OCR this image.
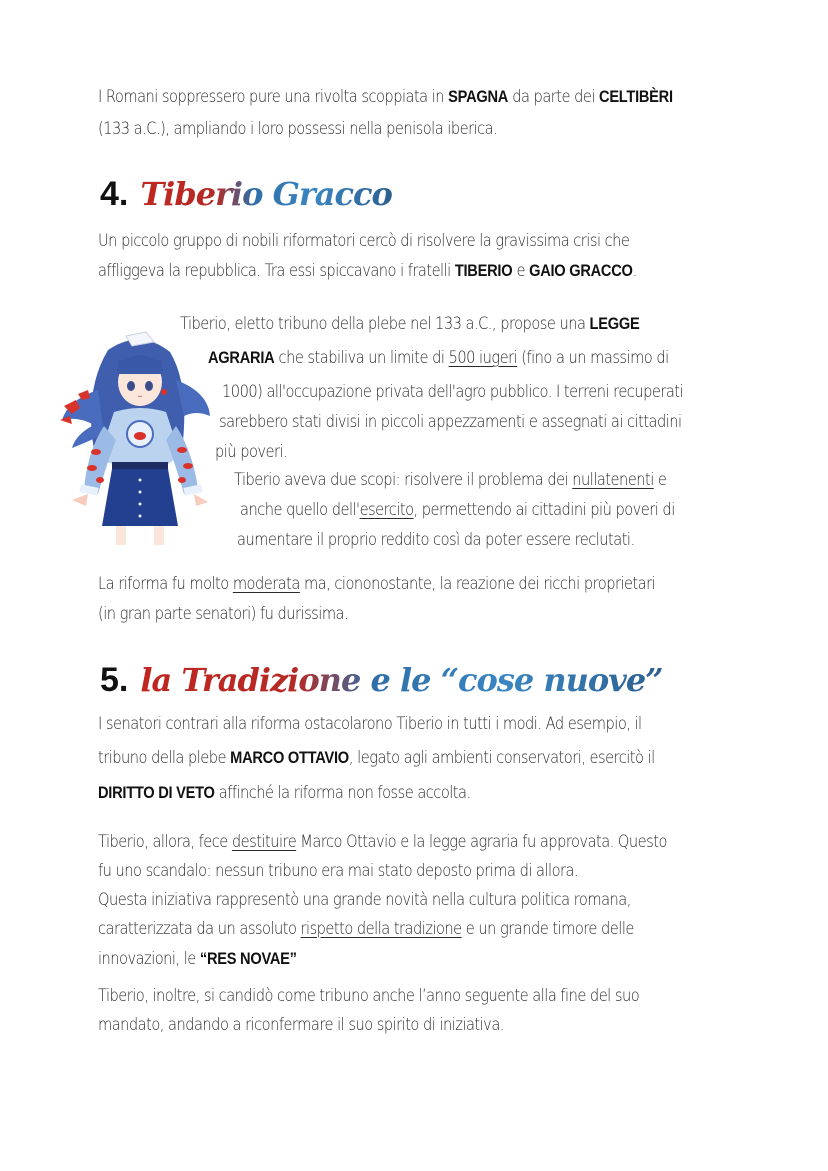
I Romani soppressero pure una rivolta scoppiata in SPAGNA da parte dei CELTIBÈRI
(133 a.C.), ampliando i loro possessi nella penisola iberica.
4. Tiberio Gracco
Un piccolo gruppo di nobili riformatori cercò di risolvere la gravissima crisi che
affliggeva la repubblica. Tra essi spiccavano i fratelli TIBERIO e GAIO GRACCO.
Tiberio, eletto tribuno della plebe nel 133 a.C., propose una LEGGE
AGRARIA che stabiliva un limite di 500 iugeri (fino a un massimo di
1000) all'occupazione privata dell'agro pubblico. I terreni recuperati
sarebbero stati divisi in piccoli appezzamenti e assegnati ai cittadini
più poveri.
Tiberio aveva due scopi: risolvere il problema dei nullatenenti e
anche quello dell'esercito, permettendo ai cittadini più poveri di
aumentare il proprio reddito così da poter essere reclutati.
La riforma fu molto moderata ma, ciononostante, la reazione dei ricchi proprietari
(in gran parte senatori) fu durissima.
5. la Tradizione e le “cose nuove”
I senatori contrari alla riforma ostacolarono Tiberio in tutti i modi. Ad esempio, il
tribuno della plebe MARCO OTTAVIO, legato agli ambienti conservatori, esercitò il
DIRITTO DI VETO affinché la riforma non fosse accolta.
Tiberio, allora, fece destituire Marco Ottavio e la legge agraria fu approvata. Questo
fu uno scandalo: nessun tribuno era mai stato deposto prima di allora.
Questa iniziativa rappresentò una grande novità nella cultura politica romana,
caratterizzata da un assoluto rispetto della tradizione e un grande timore delle
innovazioni, le “RES NOVAE”
Tiberio, inoltre, si candidò come tribuno anche l’anno seguente alla fine del suo
mandato, andando a riconfermare il suo spirito di iniziativa.
